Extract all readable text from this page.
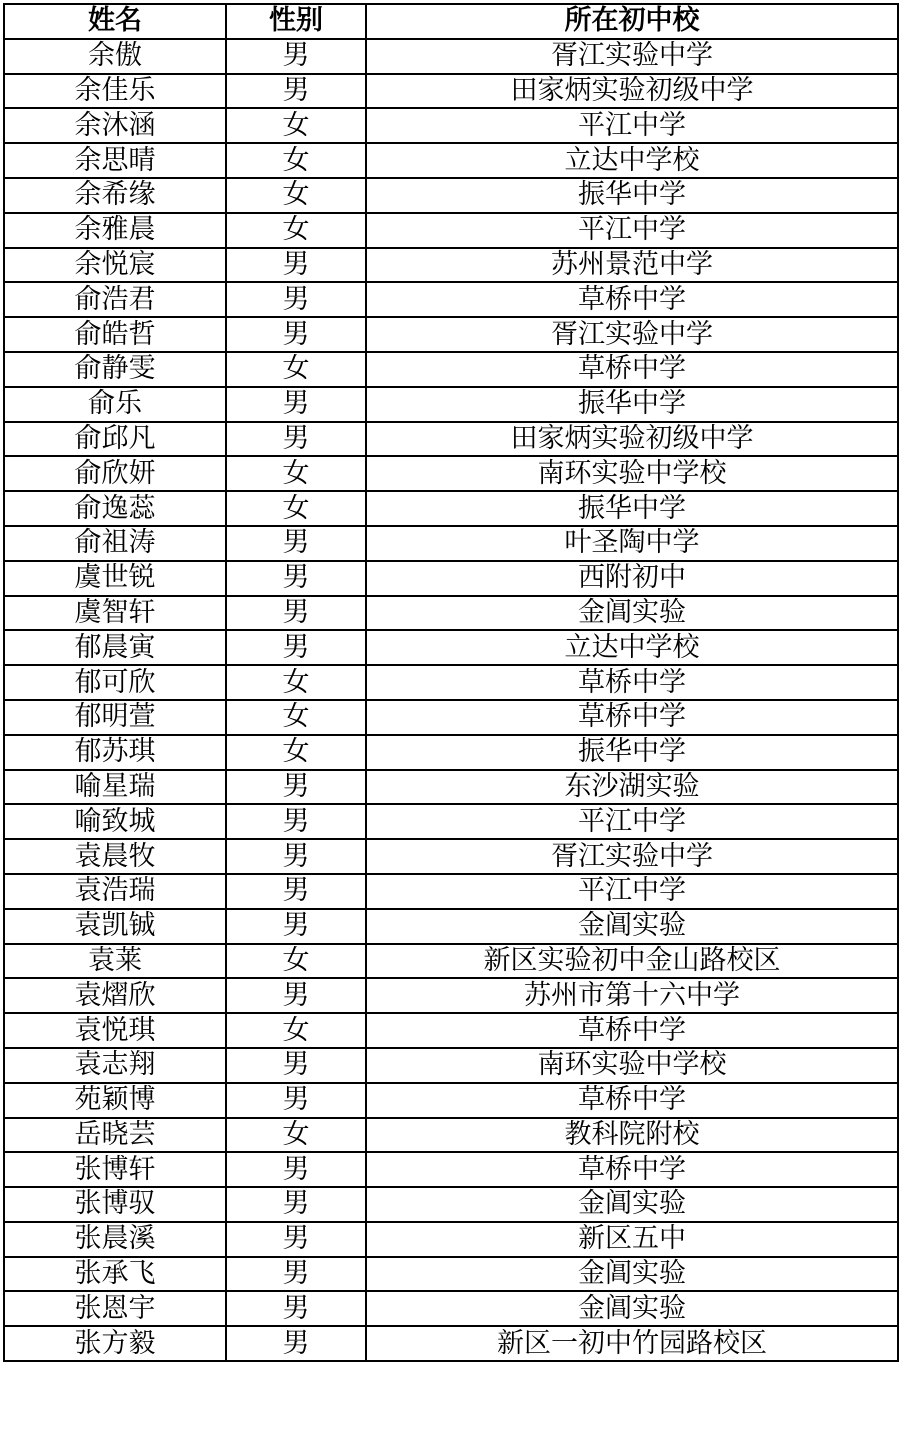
姓名	性别	所在初中校
余傲	男	胥江实验中学
余佳乐	男	田家炳实验初级中学
余沐涵	女	平江中学
余思晴	女	立达中学校
余希缘	女	振华中学
余雅晨	女	平江中学
余悦宸	男	苏州景范中学
俞浩君	男	草桥中学
俞皓哲	男	胥江实验中学
俞静雯	女	草桥中学
俞乐	男	振华中学
俞邱凡	男	田家炳实验初级中学
俞欣妍	女	南环实验中学校
俞逸蕊	女	振华中学
俞祖涛	男	叶圣陶中学
虞世锐	男	西附初中
虞智轩	男	金阊实验
郁晨寅	男	立达中学校
郁可欣	女	草桥中学
郁明萱	女	草桥中学
郁苏琪	女	振华中学
喻星瑞	男	东沙湖实验
喻致城	男	平江中学
袁晨牧	男	胥江实验中学
袁浩瑞	男	平江中学
袁凯铖	男	金阊实验
袁莱	女	新区实验初中金山路校区
袁熠欣	男	苏州市第十六中学
袁悦琪	女	草桥中学
袁志翔	男	南环实验中学校
苑颖博	男	草桥中学
岳晓芸	女	教科院附校
张博轩	男	草桥中学
张博驭	男	金阊实验
张晨溪	男	新区五中
张承飞	男	金阊实验
张恩宇	男	金阊实验
张方毅	男	新区一初中竹园路校区
